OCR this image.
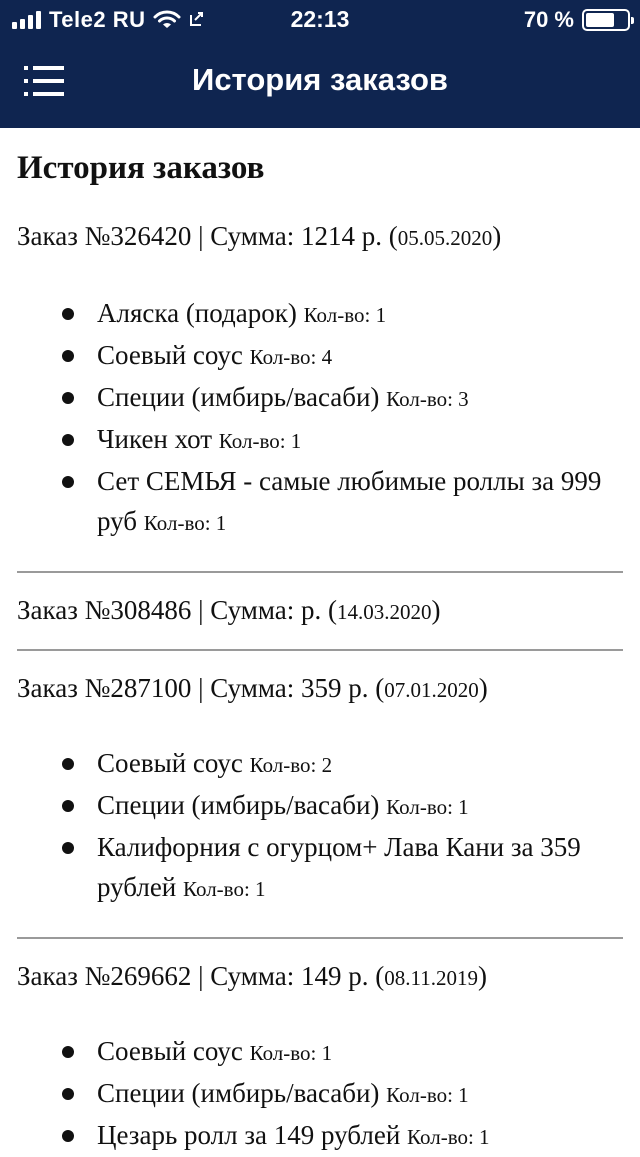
Tele2 RU	22:13	70 %
История заказов
История заказов
Заказ №326420 | Сумма: 1214 р. (05.05.2020)
Аляска (подарок) Кол-во: 1
Соевый соус Кол-во: 4
Специи (имбирь/васаби) Кол-во: 3
Чикен хот Кол-во: 1
Сет СЕМЬЯ - самые любимые роллы за 999 руб Кол-во: 1
Заказ №308486 | Сумма: р. (14.03.2020)
Заказ №287100 | Сумма: 359 р. (07.01.2020)
Соевый соус Кол-во: 2
Специи (имбирь/васаби) Кол-во: 1
Калифорния с огурцом+ Лава Кани за 359 рублей Кол-во: 1
Заказ №269662 | Сумма: 149 р. (08.11.2019)
Соевый соус Кол-во: 1
Специи (имбирь/васаби) Кол-во: 1
Цезарь ролл за 149 рублей Кол-во: 1
